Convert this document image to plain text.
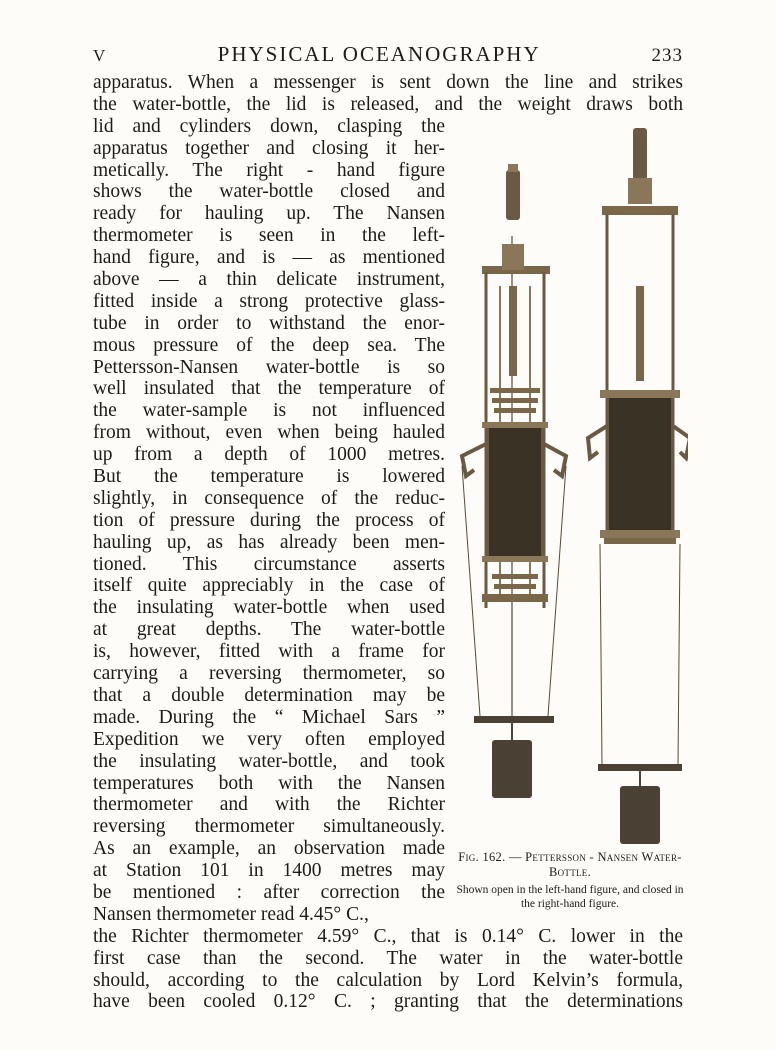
V	PHYSICAL OCEANOGRAPHY	233
apparatus. When a messenger is sent down the line and strikes
the water-bottle, the lid is released, and the weight draws both
lid and cylinders down, clasping the
apparatus together and closing it her-
metically. The right - hand figure
shows the water-bottle closed and
ready for hauling up. The Nansen
thermometer is seen in the left-
hand figure, and is — as mentioned
above — a thin delicate instrument,
fitted inside a strong protective glass-
tube in order to withstand the enor-
mous pressure of the deep sea. The
Pettersson-Nansen water-bottle is so
well insulated that the temperature of
the water-sample is not influenced
from without, even when being hauled
up from a depth of 1000 metres.
But the temperature is lowered
slightly, in consequence of the reduc-
tion of pressure during the process of
hauling up, as has already been men-
tioned. This circumstance asserts
itself quite appreciably in the case of
the insulating water-bottle when used
at great depths. The water-bottle
is, however, fitted with a frame for
carrying a reversing thermometer, so
that a double determination may be
made. During the “ Michael Sars ”
Expedition we very often employed
the insulating water-bottle, and took
temperatures both with the Nansen
thermometer and with the Richter
reversing thermometer simultaneously.
As an example, an observation made
at Station 101 in 1400 metres may
be mentioned : after correction the
Nansen thermometer read 4.45° C.,
the Richter thermometer 4.59° C., that is 0.14° C. lower in the
first case than the second. The water in the water-bottle
should, according to the calculation by Lord Kelvin’s formula,
have been cooled 0.12° C. ; granting that the determinations
Fig. 162. — Pettersson - Nansen Water-Bottle.
Shown open in the left-hand figure, and closed in the right-hand figure.
